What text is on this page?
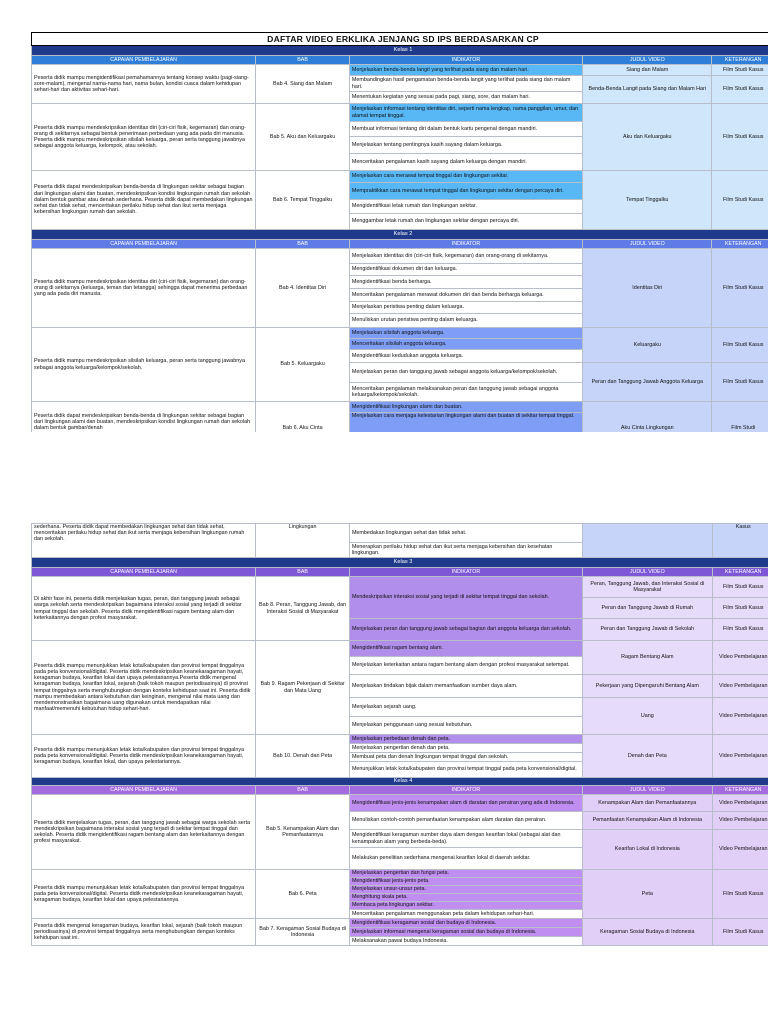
DAFTAR VIDEO ERKLIKA JENJANG SD IPS BERDASARKAN CP				
Kelas 1				
CAPAIAN PEMBELAJARAN	BAB	INDIKATOR	JUDUL VIDEO	KETERANGAN
Peserta didik mampu mengidentifikasi pemahamannya tentang konsep waktu (pagi-siang-sore-malam), mengenal nama-nama hari, nama bulan, kondisi cuaca dalam kehidupan sehari-hari dan aktivitas sehari-hari.	Bab 4. Siang dan Malam	Menjelaskan benda-benda langit yang terlihat pada siang dan malam hari.	Siang dan Malam	Film Studi Kasus
		Membandingkan hasil pengamatan benda-benda langit yang terlihat pada siang dan malam hari.	Benda-Benda Langit pada Siang dan Malam Hari	Film Studi Kasus
		Menentukan kegiatan yang sesuai pada pagi, siang, sore, dan malam hari.		
Peserta didik mampu mendeskripsikan identitas diri (ciri-ciri fisik, kegemaran) dan orang-orang di sekitarnya sebagai bentuk penerimaan perbedaan yang ada pada diri manusia. Peserta didik mampu mendeskripsikan silsilah keluarga, peran serta tanggung jawabnya sebagai anggota keluarga, kelompok, atau sekolah.	Bab 5. Aku dan Keluargaku	Menjelaskan informasi tentang identitas diri, seperti nama lengkap, nama panggilan, umur, dan alamat tempat tinggal.	Aku dan Keluargaku	Film Studi Kasus
		Membuat informasi tentang diri dalam bentuk kartu pengenal dengan mandiri.		
		Menjelaskan tentang pentingnya kasih sayang dalam keluarga.		
		Menceritakan pengalaman kasih sayang dalam keluarga dengan mandiri.		
Peserta didik dapat mendeskripsikan benda-benda di lingkungan sekitar sebagai bagian dari lingkungan alami dan buatan, mendeskripsikan kondisi lingkungan rumah dan sekolah dalam bentuk gambar atau denah sederhana. Peserta didik dapat membedakan lingkungan sehat dan tidak sehat, menceritakan perilaku hidup sehat dan ikut serta menjaga kebersihan lingkungan rumah dan sekolah.	Bab 6. Tempat Tinggalku	Menjelaskan cara merawat tempat tinggal dan lingkungan sekitar.	Tempat Tinggalku	Film Studi Kasus
		Mempraktikkan cara merawat tempat tinggal dan lingkungan sekitar dengan percaya diri.		
		Mengidentifikasi letak rumah dan lingkungan sekitar.		
		Menggambar letak rumah dan lingkungan sekitar dengan percaya diri.		
Kelas 2				
CAPAIAN PEMBELAJARAN	BAB	INDIKATOR	JUDUL VIDEO	KETERANGAN
Peserta didik mampu mendeskripsikan identitas diri (ciri-ciri fisik, kegemaran) dan orang-orang di sekitarnya (keluarga, teman dan tetangga) sehingga dapat menerima perbedaan yang ada pada diri manusia.	Bab 4. Identitas Diri	Menjelaskan identitas diri (ciri-ciri fisik, kegemaran) dan orang-orang di sekitarnya.	Identitas Diri	Film Studi Kasus
		Mengidentifikasi dokumen diri dan keluarga.		
		Mengidentifikasi benda berharga.		
		Menceritakan pengalaman merawat dokumen diri dan benda berharga keluarga.		
		Menjelaskan peristiwa penting dalam keluarga.		
		Menuliskan urutan peristiwa penting dalam keluarga.		
Peserta didik mampu mendeskripsikan silsilah keluarga, peran serta tanggung jawabnya sebagai anggota keluarga/kelompok/sekolah.	Bab 5. Keluargaku	Menjelaskan silsilah anggota keluarga.	Keluargaku	Film Studi Kasus
		Menceritakan silsilah anggota keluarga.		
		Mengidentifikasi kedudukan anggota keluarga.		
		Menjelaskan peran dan tanggung jawab sebagai anggota keluarga/kelompok/sekolah.	Peran dan Tanggung Jawab Anggota Keluarga	Film Studi Kasus
		Menceritakan pengalaman melaksanakan peran dan tanggung jawab sebagai anggota keluarga/kelompok/sekolah.		
Peserta didik dapat mendeskripsikan benda-benda di lingkungan sekitar sebagai bagian dari lingkungan alami dan buatan, mendeskripsikan kondisi lingkungan rumah dan sekolah dalam bentuk gambar/denah	Bab 6. Aku Cinta	Mengidentifikasi lingkungan alami dan buatan.	Aku Cinta Lingkungan	Film Studi
		Menjelaskan cara menjaga kelestarian lingkungan alami dan buatan di sekitar tempat tinggal.		
sederhana. Peserta didik dapat membedakan lingkungan sehat dan tidak sehat, menceritakan perilaku hidup sehat dan ikut serta menjaga kebersihan lingkungan rumah dan sekolah.	Lingkungan	Membedakan lingkungan sehat dan tidak sehat.		Kasus
		Menerapkan perilaku hidup sehat dan ikut serta menjaga kebersihan dan kesehatan lingkungan.		
Kelas 3				
CAPAIAN PEMBELAJARAN	BAB	INDIKATOR	JUDUL VIDEO	KETERANGAN
Di akhir fase ini, peserta didik menjelaskan tugas, peran, dan tanggung jawab sebagai warga sekolah serta mendeskripsikan bagaimana interaksi sosial yang terjadi di sekitar tempat tinggal dan sekolah. Peserta didik mengidentifikasi ragam bentang alam dan keterkaitannya dengan profesi masyarakat.	Bab 8. Peran, Tanggung Jawab, dan Interaksi Sosial di Masyarakat	Mendeskripsikan interaksi sosial yang terjadi di sekitar tempat tinggal dan sekolah.	Peran, Tanggung Jawab, dan Interaksi Sosial di Masyarakat	Film Studi Kasus
			Peran dan Tanggung Jawab di Rumah	Film Studi Kasus
		Menjelaskan peran dan tanggung jawab sebagai bagian dari anggota keluarga dan sekolah.	Peran dan Tanggung Jawab di Sekolah	Film Studi Kasus
Peserta didik mampu menunjukkan letak kota/kabupaten dan provinsi tempat tinggalnya pada peta konvensional/digital. Peserta didik mendeskripsikan keanekaragaman hayati, keragaman budaya, kearifan lokal dan upaya pelestariannya.Peserta didik mengenal keragaman budaya, kearifan lokal, sejarah (baik tokoh maupun periodisasinya) di provinsi tempat tinggalnya serta menghubungkan dengan konteks kehidupan saat ini. Peserta didik mampu membedakan antara kebutuhan dan keinginan, mengenal nilai mata uang dan mendemonstrasikan bagaimana uang digunakan untuk mendapatkan nilai manfaat/memenuhi kebutuhan hidup sehari-hari.	Bab 9. Ragam Pekerjaan di Sekitar dan Mata Uang	Mengidentifikasi ragam bentang alam.	Ragam Bentang Alam	Video Pembelajaran
		Menjelaskan keterkaitan antara ragam bentang alam dengan profesi masyarakat setempat.		
		Menjelaskan tindakan bijak dalam memanfaatkan sumber daya alam.	Pekerjaan yang Dipengaruhi Bentang Alam	Video Pembelajaran
		Menjelaskan sejarah uang.	Uang	Video Pembelajaran
		Menjelaskan penggunaan uang sesuai kebutuhan.		
Peserta didik mampu menunjukkan letak kota/kabupaten dan provinsi tempat tinggalnya pada peta konvensional/digital. Peserta didik mendeskripsikan keanekaragaman hayati, keragaman budaya, kearifan lokal, dan upaya pelestariannya.	Bab 10. Denah dan Peta	Menjelaskan perbedaan denah dan peta.	Denah dan Peta	Video Pembelajaran
		Menjelaskan pengertian denah dan peta.		
		Membuat peta dan denah lingkungan tempat tinggal dan sekolah.		
		Menunjukkan letak kota/kabupaten dan provinsi tempat tinggal pada peta konvensional/digital.		
Kelas 4				
CAPAIAN PEMBELAJARAN	BAB	INDIKATOR	JUDUL VIDEO	KETERANGAN
Peserta didik menjelaskan tugas, peran, dan tanggung jawab sebagai warga sekolah serta mendeskripsikan bagaimana interaksi sosial yang terjadi di sekitar tempat tinggal dan sekolah. Peserta didik mengidentifikasi ragam bentang alam dan keterkaitannya dengan profesi masyarakat.	Bab 5. Kenampakan Alam dan Pemanfaatannya	Mengidentifikasi jenis-jenis kenampakan alam di daratan dan perairan yang ada di Indonesia.	Kenampakan Alam dan Pemanfaatannya	Video Pembelajaran
		Menuliskan contoh-contoh pemanfaatan kenampakan alam daratan dan perairan.	Pemanfaatan Kenampakan Alam di Indonesia	Video Pembelajaran
		Mengidentifikasi keragaman sumber daya alam dengan kearifan lokal (sebagai alat dan kenampakan alam yang berbeda-beda).	Kearifan Lokal di Indonesia	Video Pembelajaran
		Melakukan penelitian sederhana mengenai kearifan lokal di daerah sekitar.		
Peserta didik mampu menunjukkan letak kota/kabupaten dan provinsi tempat tinggalnya pada peta konvensional/digital. Peserta didik mendeskripsikan keanekaragaman hayati, keragaman budaya, kearifan lokal dan upaya pelestariannya.	Bab 6. Peta	Menjelaskan pengertian dan fungsi peta.	Peta	Film Studi Kasus
		Mengidentifikasi jenis-jenis peta.		
		Menjelaskan unsur-unsur peta.		
		Menghitung skala peta.		
		Membaca peta lingkungan sekitar.		
		Menceritakan pengalaman menggunakan peta dalam kehidupan sehari-hari.		
Peserta didik mengenal keragaman budaya, kearifan lokal, sejarah (baik tokoh maupun periodisasinya) di provinsi tempat tinggalnya serta menghubungkan dengan konteks kehidupan saat ini.	Bab 7. Keragaman Sosial Budaya di Indonesia	Mengidentifikasi keragaman sosial dan budaya di Indonesia.	Keragaman Sosial Budaya di Indonesia	Film Studi Kasus
		Menjelaskan informasi mengenai keragaman sosial dan budaya di Indonesia.		
		Melaksanakan pawai budaya Indonesia.		
